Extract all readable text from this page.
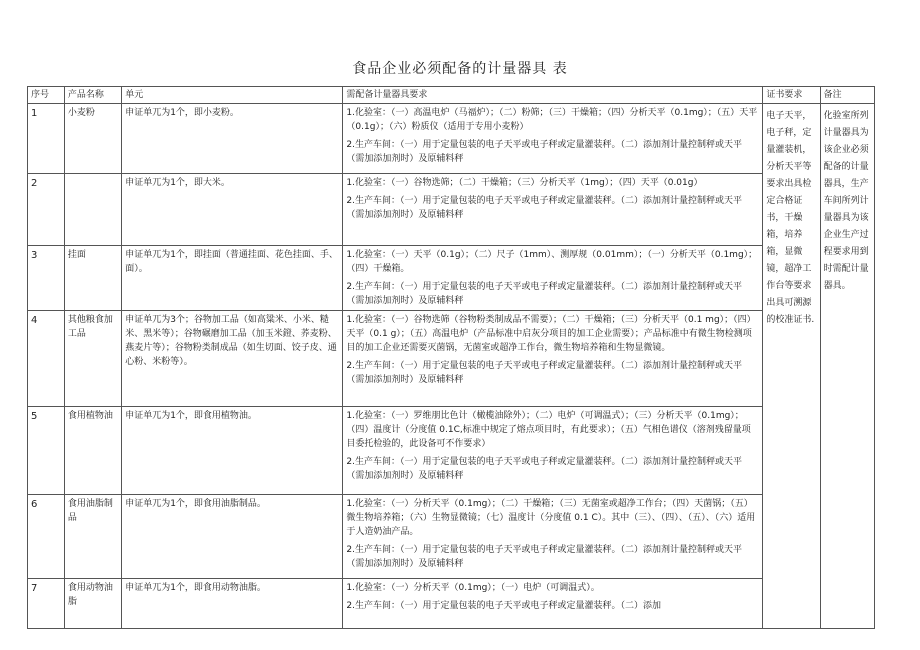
食品企业必须配备的计量器具 表
序号	产品名称	单元	需配备计量器具要求	证书要求	备注
1	小麦粉	申证单兀为1个，即小麦粉。	1.化验室：（一）高温电炉（马福炉）；（二）粉筛；（三）干燥箱；（四）分析天平（0.1mg）；（五）天平（0.1g）；（六）粉质仪（适用于专用小麦粉）
2.生产车间：（一）用于定量包装的电子天平或电子秤或定量灌装秤。（二）添加剂计量控制秤或天平（需加添加剂时）及原辅料秤	电子天平，电子秤，定量灌装机，分析天平等要求出具检定合格证书，干燥箱，培养箱，显微镜，超净工作台等要求出具可溯源的校准证书.	化验室所列计量器具为该企业必须配备的计量器具，生产车间所列计量器具为该企业生产过程要求用到时需配计量器具。
2		申证单兀为1个，即大米。	1.化验室：（一）谷物选筛；（二）干燥箱；（三）分析天平（1mg）；（四）天平（0.01g）
2.生产车间：（一）用于定量包装的电子天平或电子秤或定量灌装秤。（二）添加剂计量控制秤或天平（需加添加剂时）及原辅料秤		

3	挂面	申证单兀为1个，即挂面（普通挂面、花色挂面、手、面）。	1.化验室：（一）天平（0.1g）；（二）尺子（1mm）、测厚规（0.01mm）；（一）分析天平（0.1mg）；（四）干燥箱。
2.生产车间：（一）用于定量包装的电子天平或电子秤或定量灌装秤。（二）添加剂计量控制秤或天平（需加添加剂时）及原辅料秤		

4	其他粮食加工品	申证单兀为3个；谷物加工品（如高粱米、小米、糙米、黑米等）；谷物碾磨加工品（加玉米鐙、荞麦粉、燕麦片等）；谷物粉类制成品（如生切面、饺子皮、通心粉、米粉等）。	1.化验室：（一）谷物选筛（谷物粉类制成品不需要）；（二）干燥箱；（三）分析天平（0.1 mg）；（四）天平（0.1 g）；（五）高温电炉（产品标准中启灰分项目的加工企业需要）；产品标准中有微生物检测项目的加工企业还需要灭菌锅，无菌室或超净工作台，微生物培养箱和生物显微镜。
2.生产车间：（一）用于定量包装的电子天平或电子秤或定量灌装秤。（二）添加剂计量控制秤或天平（需加添加剂时）及原辅料秤		

5	食用植物油	申证单兀为1个，即食用植物油。	1.化验室：（一）罗维朋比色计（橄榄油除外）；（二）电炉（可调温式）；（三）分析天平（0.1mg）；（四）温度计（分度值 0.1C,标准中规定了熔点项目时，有此要求）；（五）气相色谱仪（溶剂残留量项目委托检验的，此设备可不作要求）
2.生产车间：（一）用于定量包装的电子天平或电子秤或定量灌装秤。（二）添加剂计量控制秤或天平（需加添加剂时）及原辅料秤		

6	食用油脂制品	申证单兀为1个，即食用油脂制品。	1.化验室：（一）分析天平（0.1mg）；（二）干燥箱；（三）无菌室或超净工作台；（四）天菌锅；（五）微生物培养箱；（六）生物显微镜；（七）温度计（分度值 0.1 C）。其中（三）、（四）、（五）、（六）适用于人造奶油产品。
2.生产车间：（一）用于定量包装的电子天平或电子秤或定量灌装秤。（二）添加剂计量控制秤或天平（需加添加剂时）及原辅料秤		

7	食用动物油脂	申证单兀为1个，即食用动物油脂。	1.化验室：（一）分析天平（0.1mg）；（一）电炉（可调温式）。
2.生产车间：（一）用于定量包装的电子天平或电子秤或定量灌装秤。（二）添加		
